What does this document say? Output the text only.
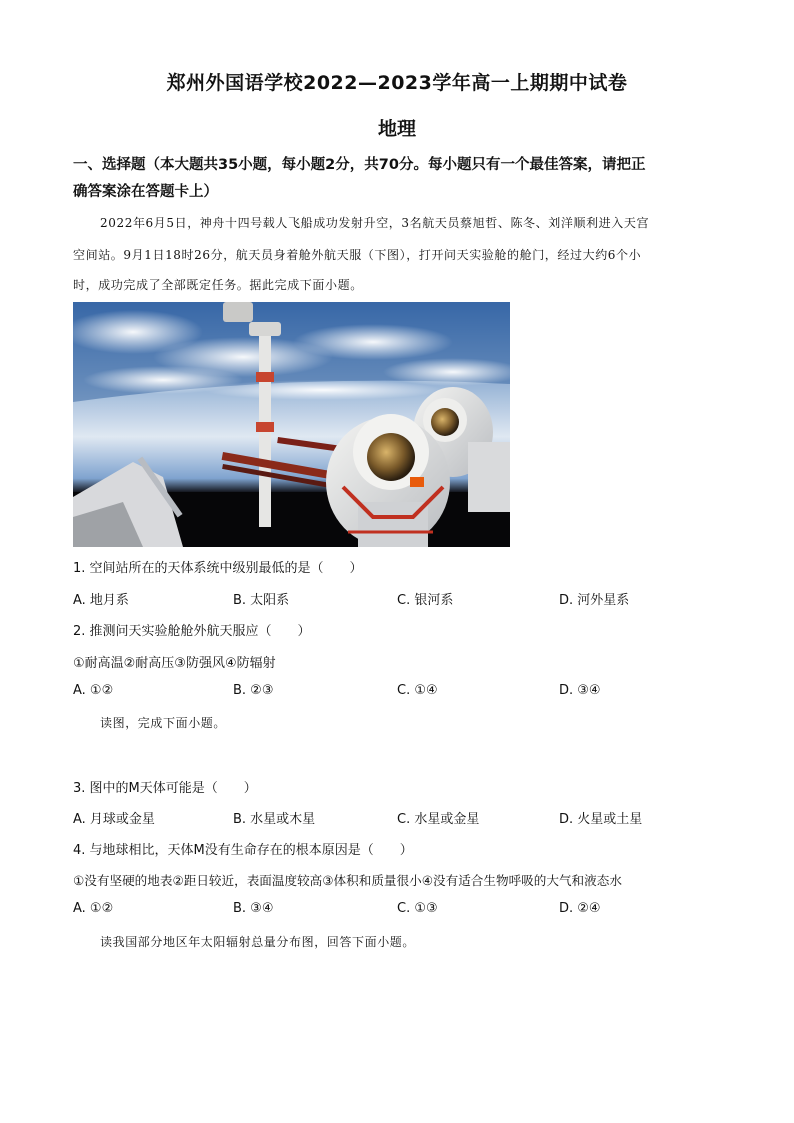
郑州外国语学校2022—2023学年高一上期期中试卷
地理
一、选择题（本大题共35小题，每小题2分，共70分。每小题只有一个最佳答案，请把正
确答案涂在答题卡上）
2022年6月5日，神舟十四号载人飞船成功发射升空，3名航天员蔡旭哲、陈冬、刘洋顺利进入天宫
空间站。9月1日18时26分，航天员身着舱外航天服（下图），打开问天实验舱的舱门，经过大约6个小
时，成功完成了全部既定任务。据此完成下面小题。
1. 空间站所在的天体系统中级别最低的是（　　）
A. 地月系	B. 太阳系	C. 银河系	D. 河外星系
2. 推测问天实验舱舱外航天服应（　　）
①耐高温②耐高压③防强风④防辐射
A. ①②	B. ②③	C. ①④	D. ③④
读图，完成下面小题。
3. 图中的M天体可能是（　　）
A. 月球或金星	B. 水星或木星	C. 水星或金星	D. 火星或土星
4. 与地球相比，天体M没有生命存在的根本原因是（　　）
①没有坚硬的地表②距日较近，表面温度较高③体积和质量很小④没有适合生物呼吸的大气和液态水
A. ①②	B. ③④	C. ①③	D. ②④
读我国部分地区年太阳辐射总量分布图，回答下面小题。
